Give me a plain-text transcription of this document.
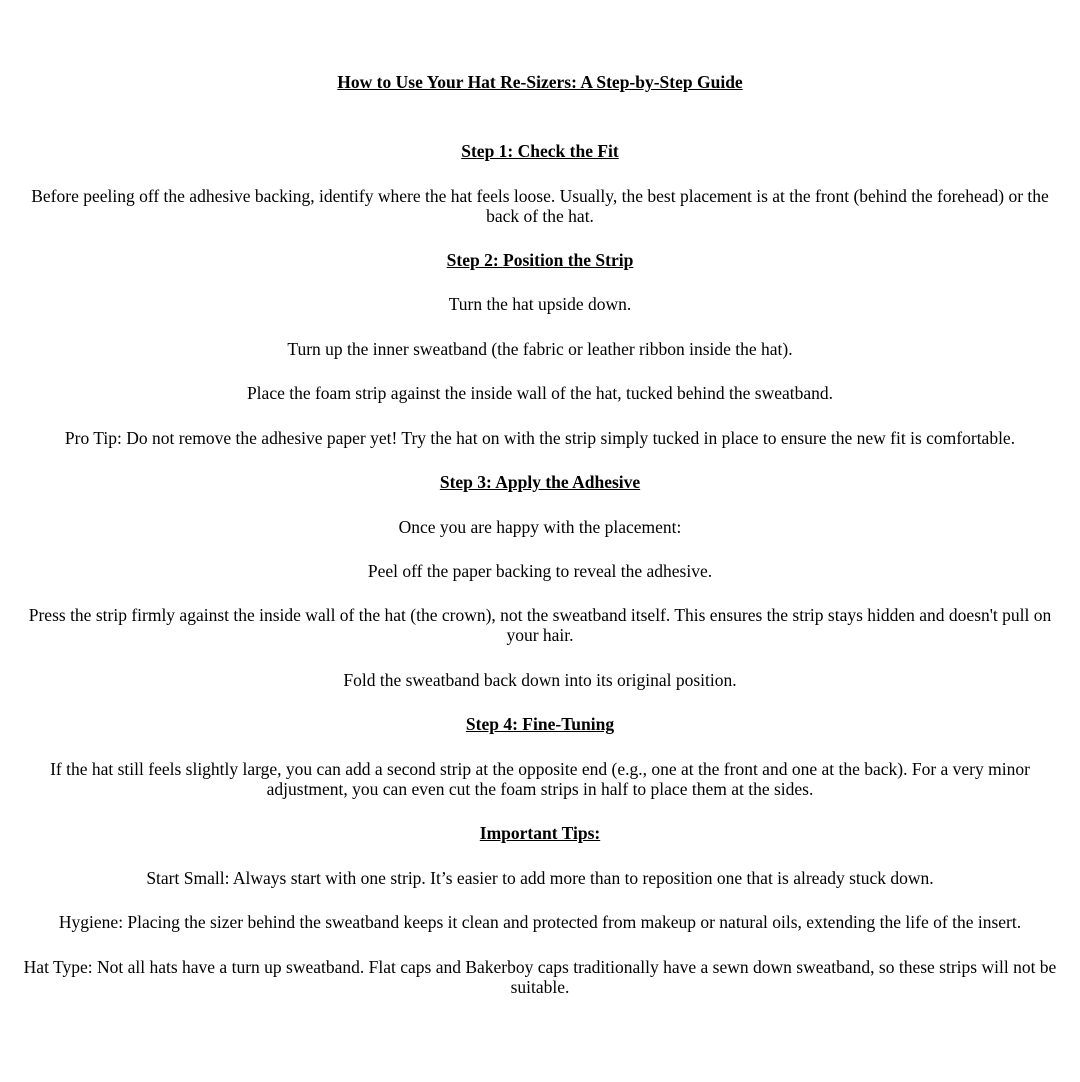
How to Use Your Hat Re-Sizers: A Step-by-Step Guide

Step 1: Check the Fit

Before peeling off the adhesive backing, identify where the hat feels loose. Usually, the best placement is at the front (behind the forehead) or the back of the hat.

Step 2: Position the Strip

Turn the hat upside down.

Turn up the inner sweatband (the fabric or leather ribbon inside the hat).

Place the foam strip against the inside wall of the hat, tucked behind the sweatband.

Pro Tip: Do not remove the adhesive paper yet! Try the hat on with the strip simply tucked in place to ensure the new fit is comfortable.

Step 3: Apply the Adhesive

Once you are happy with the placement:

Peel off the paper backing to reveal the adhesive.

Press the strip firmly against the inside wall of the hat (the crown), not the sweatband itself. This ensures the strip stays hidden and doesn't pull on your hair.

Fold the sweatband back down into its original position.

Step 4: Fine-Tuning

If the hat still feels slightly large, you can add a second strip at the opposite end (e.g., one at the front and one at the back). For a very minor adjustment, you can even cut the foam strips in half to place them at the sides.

Important Tips:

Start Small: Always start with one strip. It’s easier to add more than to reposition one that is already stuck down.

Hygiene: Placing the sizer behind the sweatband keeps it clean and protected from makeup or natural oils, extending the life of the insert.

Hat Type: Not all hats have a turn up sweatband. Flat caps and Bakerboy caps traditionally have a sewn down sweatband, so these strips will not be suitable.
